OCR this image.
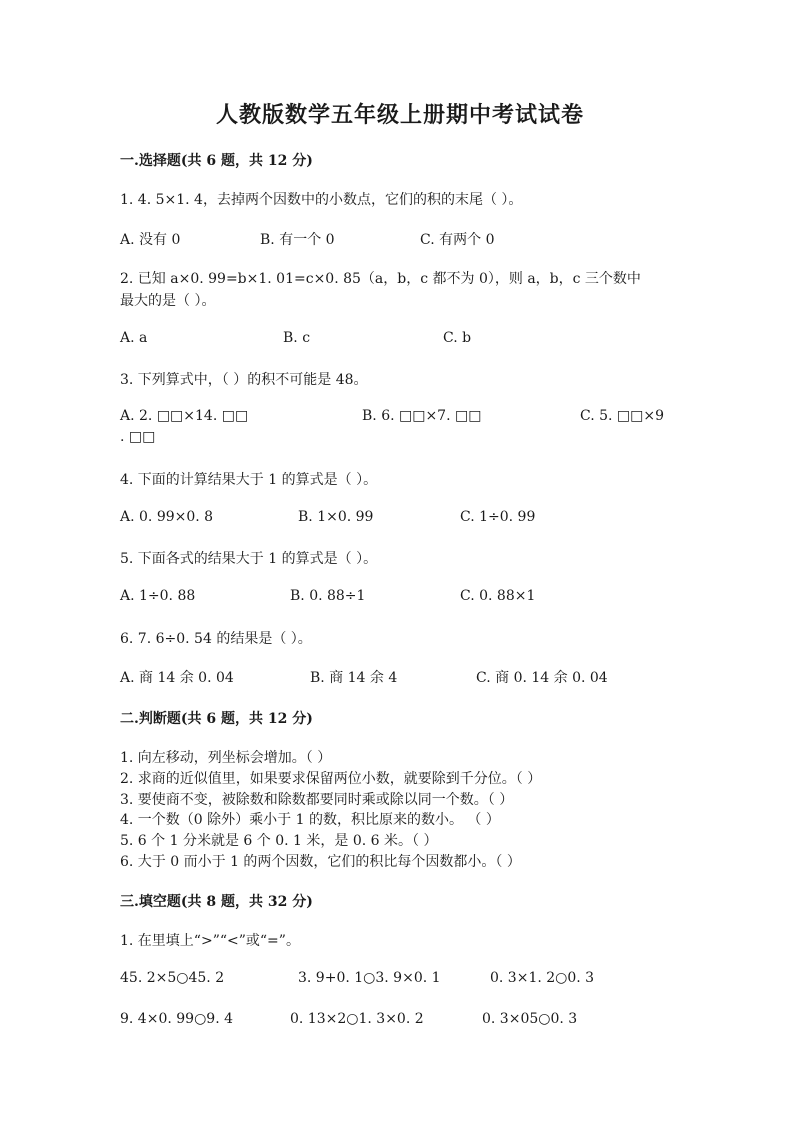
人教版数学五年级上册期中考试试卷
一.选择题(共 6 题，共 12 分)
1. 4. 5×1. 4，去掉两个因数中的小数点，它们的积的末尾（ ）。
A. 没有 0	B. 有一个 0	C. 有两个 0
2. 已知 a×0. 99=b×1. 01=c×0. 85（a，b，c 都不为 0），则 a，b，c 三个数中
最大的是（ ）。
A. a	B. c	C. b
3. 下列算式中，（ ）的积不可能是 48。
A. 2. □□×14. □□	B. 6. □□×7. □□	C. 5. □□×9
. □□
4. 下面的计算结果大于 1 的算式是（ ）。
A. 0. 99×0. 8	B. 1×0. 99	C. 1÷0. 99
5. 下面各式的结果大于 1 的算式是（ ）。
A. 1÷0. 88	B. 0. 88÷1	C. 0. 88×1
6. 7. 6÷0. 54 的结果是（ ）。
A. 商 14 余 0. 04	B. 商 14 余 4	C. 商 0. 14 余 0. 04
二.判断题(共 6 题，共 12 分)
1. 向左移动，列坐标会增加。（ ）
2. 求商的近似值里，如果要求保留两位小数，就要除到千分位。（ ）
3. 要使商不变，被除数和除数都要同时乘或除以同一个数。（ ）
4. 一个数（0 除外）乘小于 1 的数，积比原来的数小。 （ ）
5. 6 个 1 分米就是 6 个 0. 1 米，是 0. 6 米。（ ）
6. 大于 0 而小于 1 的两个因数，它们的积比每个因数都小。（ ）
三.填空题(共 8 题，共 32 分)
1. 在里填上“>”“<”或“=”。
45. 2×5○45. 2	3. 9+0. 1○3. 9×0. 1	0. 3×1. 2○0. 3
9. 4×0. 99○9. 4	0. 13×2○1. 3×0. 2	0. 3×05○0. 3
